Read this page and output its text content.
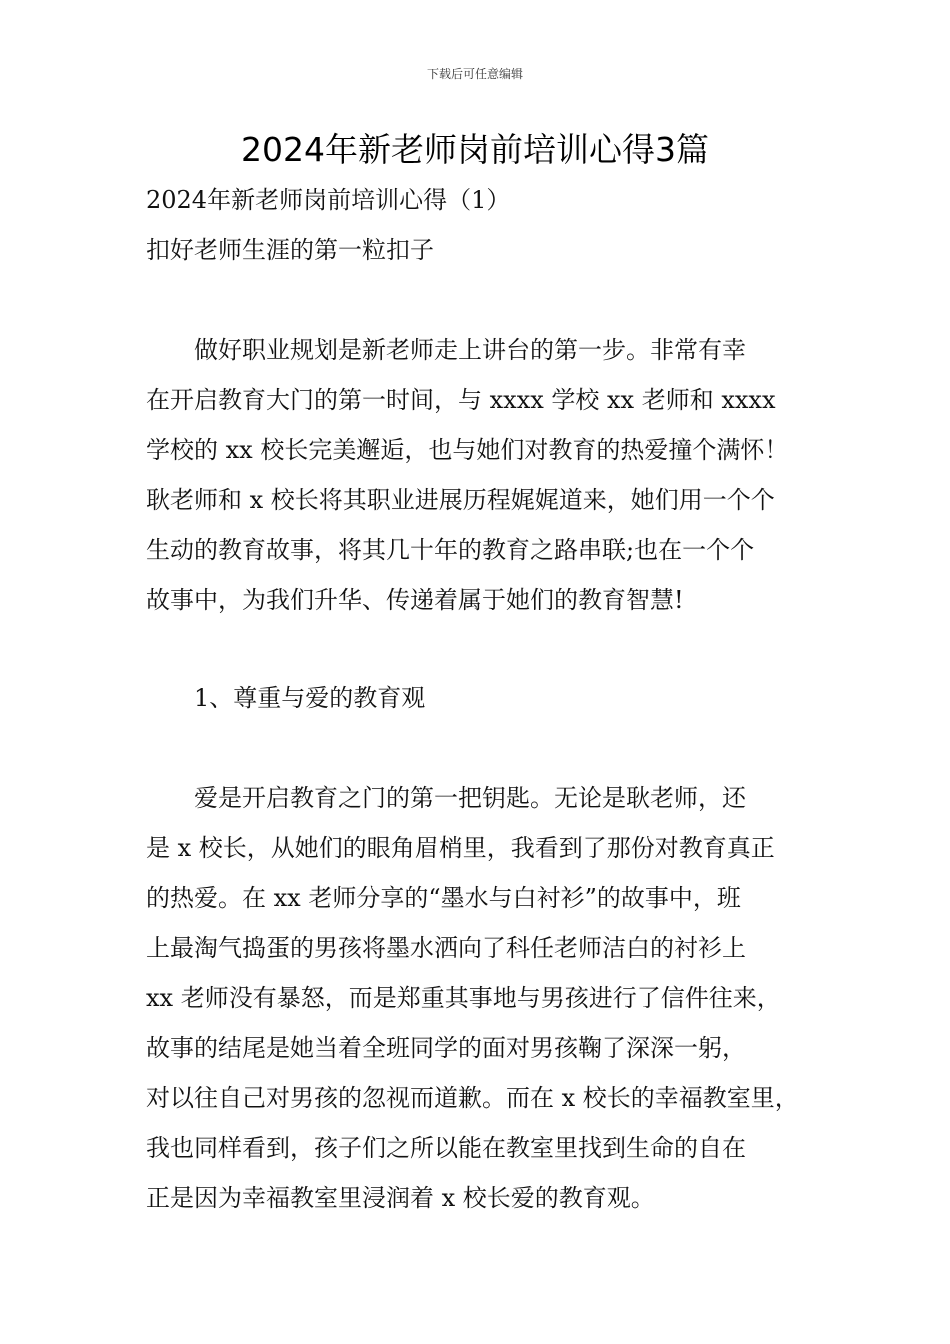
下载后可任意编辑
2024年新老师岗前培训心得3篇
2024年新老师岗前培训心得（1）
扣好老师生涯的第一粒扣子
做好职业规划是新老师走上讲台的第一步。非常有幸
在开启教育大门的第一时间，与 xxxx 学校 xx 老师和 xxxx
学校的 xx 校长完美邂逅，也与她们对教育的热爱撞个满怀！
耿老师和 x 校长将其职业进展历程娓娓道来，她们用一个个
生动的教育故事，将其几十年的教育之路串联;也在一个个
故事中，为我们升华、传递着属于她们的教育智慧!
1、尊重与爱的教育观
爱是开启教育之门的第一把钥匙。无论是耿老师，还
是 x 校长，从她们的眼角眉梢里，我看到了那份对教育真正
的热爱。在 xx 老师分享的“墨水与白衬衫”的故事中，班
上最淘气捣蛋的男孩将墨水洒向了科任老师洁白的衬衫上
xx 老师没有暴怒，而是郑重其事地与男孩进行了信件往来，
故事的结尾是她当着全班同学的面对男孩鞠了深深一躬，
对以往自己对男孩的忽视而道歉。而在 x 校长的幸福教室里，
我也同样看到，孩子们之所以能在教室里找到生命的自在
正是因为幸福教室里浸润着 x 校长爱的教育观。
